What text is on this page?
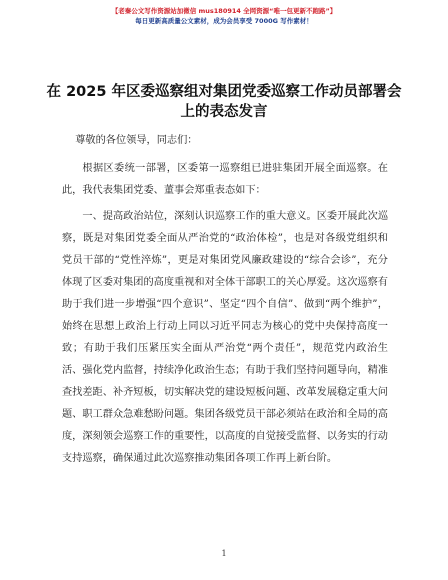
【老秦公文写作资源站加微信 mus180914 全网资源“唯一包更新不跑路”】
每日更新高质量公文素材，成为会员享受 7000G 写作素材！
在 2025 年区委巡察组对集团党委巡察工作动员部署会上的表态发言

尊敬的各位领导，同志们：

根据区委统一部署，区委第一巡察组已进驻集团开展全面巡察。在此，我代表集团党委、董事会郑重表态如下：

一、提高政治站位，深刻认识巡察工作的重大意义。区委开展此次巡察，既是对集团党委全面从严治党的“政治体检”，也是对各级党组织和党员干部的“党性淬炼”，更是对集团党风廉政建设的“综合会诊”，充分体现了区委对集团的高度重视和对全体干部职工的关心厚爱。这次巡察有助于我们进一步增强“四个意识”、坚定“四个自信”、做到“两个维护”，始终在思想上政治上行动上同以习近平同志为核心的党中央保持高度一致；有助于我们压紧压实全面从严治党“两个责任”，规范党内政治生活、强化党内监督，持续净化政治生态；有助于我们坚持问题导向，精准查找差距、补齐短板，切实解决党的建设短板问题、改革发展稳定重大问题、职工群众急难愁盼问题。集团各级党员干部必须站在政治和全局的高度，深刻领会巡察工作的重要性，以高度的自觉接受监督、以务实的行动支持巡察，确保通过此次巡察推动集团各项工作再上新台阶。

1
